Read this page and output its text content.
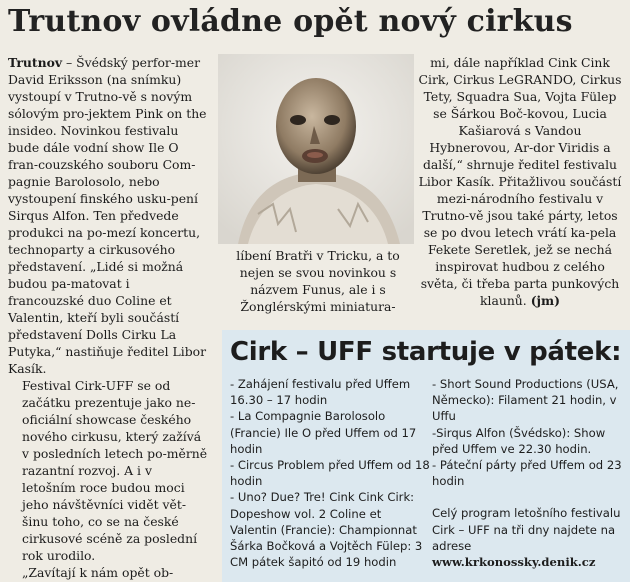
Trutnov ovládne opět nový cirkus

Trutnov – Švédský perfor-mer David Eriksson (na snímku) vystoupí v Trutno-vě s novým sólovým pro-jektem Pink on the insideo. Novinkou festivalu bude dále vodní show Ile O fran-couzského souboru Com-pagnie Barolosolo, nebo vystoupení finského usku-pení Sirqus Alfon. Ten předvede produkci na po-mezí koncertu, technoparty a cirkusového představení. „Lidé si možná budou pa-matovat i francouzské duo Coline et Valentin, kteří byli součástí představení Dolls Cirku La Putyka,“ nastiňuje ředitel Libor Kasík.

Festival Cirk-UFF se od začátku prezentuje jako ne-oficiální showcase českého nového cirkusu, který zažívá v posledních letech po-měrně razantní rozvoj. A i v letošním roce budou moci jeho návštěvníci vidět vět-šinu toho, co se na české cirkusové scéně za poslední rok urodilo.

„Zavítají k nám opět ob-

líbení Bratři v Tricku, a to nejen se svou novinkou s názvem Funus, ale i s Žonglérskými miniatura-
mi, dále například Cink Cink Cirk, Cirkus LeGRANDO, Cirkus Tety, Squadra Sua, Vojta Fülep se Šárkou Boč-kovou, Lucia Kašiarová s Vandou Hybnerovou, Ar-dor Viridis a další,“ shrnuje ředitel festivalu Libor Kasík. Přitažlivou součástí mezi-národního festivalu v Trutno-vě jsou také párty, letos se po dvou letech vrátí ka-pela Fekete Seretlek, jež se nechá inspirovat hudbou z celého světa, či třeba parta punkových klaunů. (jm)
Cirk – UFF startuje v pátek:

- Zahájení festivalu před Uffem 16.30 – 17 hodin

- La Compagnie Barolosolo (Francie) Ile O před Uffem od 17 hodin

- Circus Problem před Uffem od 18 hodin

- Uno? Due? Tre! Cink Cink Cirk: Dopeshow vol. 2 Coline et Valentin (Francie): Championnat Šárka Bočková a Vojtěch Fülep: 3 CM pátek šapitó od 19 hodin

- Short Sound Productions (USA, Německo): Filament 21 hodin, v Uffu

-Sirqus Alfon (Švédsko): Show před Uffem ve 22.30 hodin.

- Páteční párty před Uffem od 23 hodin

Celý program letošního festivalu Cirk – UFF na tři dny najdete na adrese

www.krkonossky.denik.cz
